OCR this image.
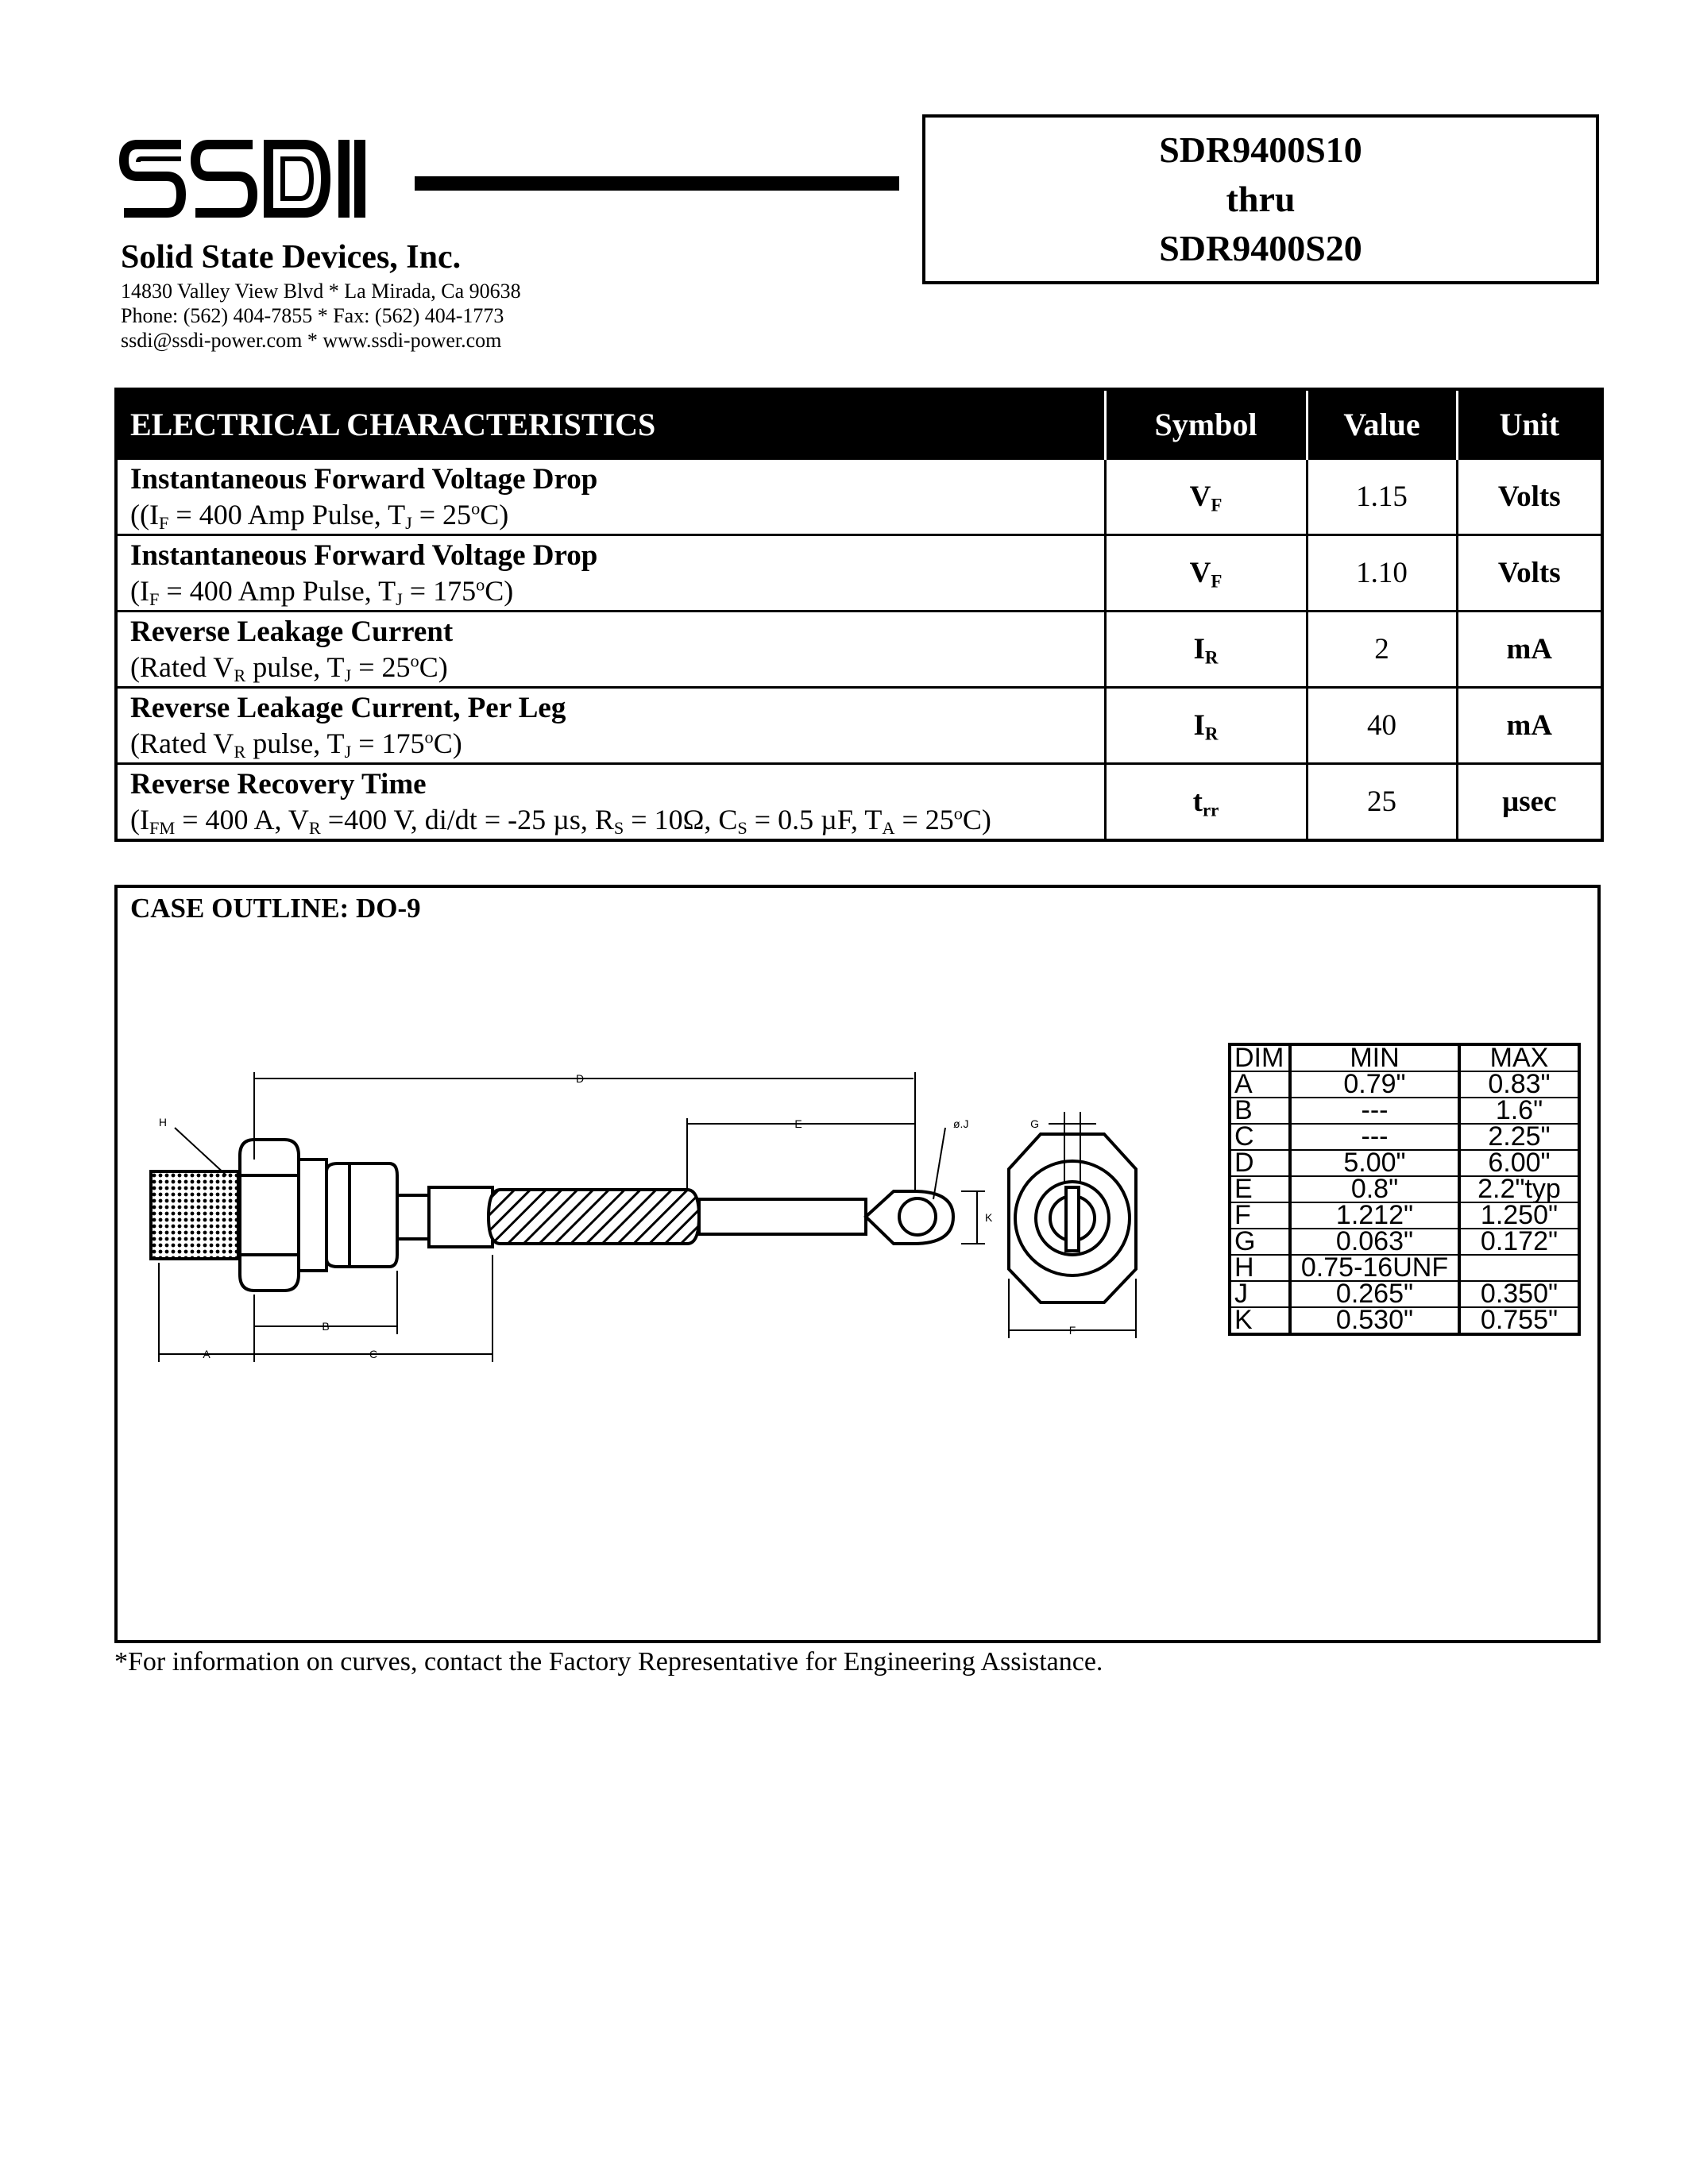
SSDI
Solid State Devices, Inc.
14830 Valley View Blvd * La Mirada, Ca 90638
Phone: (562) 404-7855 * Fax: (562) 404-1773
ssdi@ssdi-power.com * www.ssdi-power.com
SDR9400S10
thru
SDR9400S20
ELECTRICAL CHARACTERISTICS	Symbol	Value	Unit

Instantaneous Forward Voltage Drop
(($I_F = 400$ Amp Pulse, $T_J = 25^oC$)	$V_F$	1.15	Volts

Instantaneous Forward Voltage Drop
($I_F = 400$ Amp Pulse, $T_J = 175^oC$)	$V_F$	1.10	Volts

Reverse Leakage Current
(Rated $V_R$ pulse, $T_J = 25^oC$)	$I_R$	2	mA

Reverse Leakage Current, Per Leg
(Rated $V_R$ pulse, $T_J = 175^oC$)	$I_R$	40	mA

Reverse Recovery Time
($I_{FM} = 400$ A, $V_R =400$ V, di/dt = -25 µs, $R_S = 10\Omega$, $C_S = 0.5$ µF, $T_A = 25^oC$)	$t_{rr}$	25	µsec
CASE OUTLINE: DO-9
D
E	ø.J
K
H
B
A	C
G
F
DIM	MIN	MAX
A	0.79"	0.83"
B	---	1.6"
C	---	2.25"
D	5.00"	6.00"
E	0.8"	2.2"typ
F	1.212"	1.250"
G	0.063"	0.172"
H	0.75-16UNF	
J	0.265"	0.350"
K	0.530"	0.755"
*For information on curves, contact the Factory Representative for Engineering Assistance.
